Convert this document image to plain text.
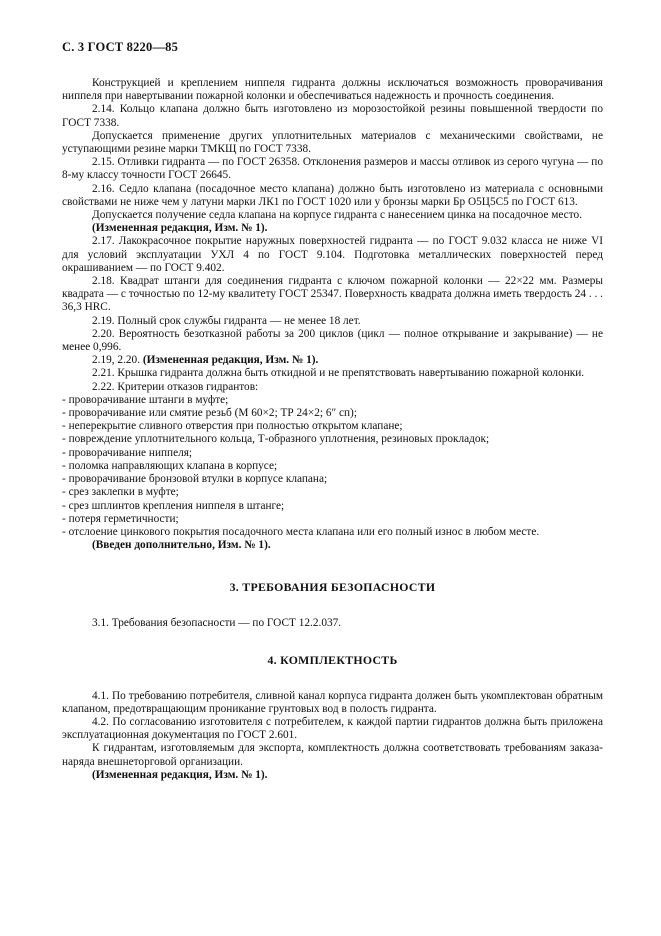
С. 3 ГОСТ 8220—85

Конструкцией и креплением ниппеля гидранта должны исключаться возможность проворачивания ниппеля при навертывании пожарной колонки и обеспечиваться надежность и прочность соединения.

2.14. Кольцо клапана должно быть изготовлено из морозостойкой резины повышенной твердости по ГОСТ 7338.

Допускается применение других уплотнительных материалов с механическими свойствами, не уступающими резине марки ТМКЩ по ГОСТ 7338.

2.15. Отливки гидранта — по ГОСТ 26358. Отклонения размеров и массы отливок из серого чугуна — по 8-му классу точности ГОСТ 26645.

2.16. Седло клапана (посадочное место клапана) должно быть изготовлено из материала с основными свойствами не ниже чем у латуни марки ЛК1 по ГОСТ 1020 или у бронзы марки Бр О5Ц5С5 по ГОСТ 613.

Допускается получение седла клапана на корпусе гидранта с нанесением цинка на посадочное место.

(Измененная редакция, Изм. № 1).

2.17. Лакокрасочное покрытие наружных поверхностей гидранта — по ГОСТ 9.032 класса не ниже VI для условий эксплуатации УХЛ 4 по ГОСТ 9.104. Подготовка металлических поверхностей перед окрашиванием — по ГОСТ 9.402.

2.18. Квадрат штанги для соединения гидранта с ключом пожарной колонки — 22×22 мм. Размеры квадрата — с точностью по 12-му квалитету ГОСТ 25347. Поверхность квадрата должна иметь твердость 24 . . . 36,3 HRC.

2.19. Полный срок службы гидранта — не менее 18 лет.

2.20. Вероятность безотказной работы за 200 циклов (цикл — полное открывание и закрывание) — не менее 0,996.

2.19, 2.20. (Измененная редакция, Изм. № 1).

2.21. Крышка гидранта должна быть откидной и не препятствовать навертыванию пожарной колонки.

2.22. Критерии отказов гидрантов:

- проворачивание штанги в муфте;

- проворачивание или смятие резьб (М 60×2; ТР 24×2; 6″ сп);

- неперекрытие сливного отверстия при полностью открытом клапане;

- повреждение уплотнительного кольца, Т-образного уплотнения, резиновых прокладок;

- проворачивание ниппеля;

- поломка направляющих клапана в корпусе;

- проворачивание бронзовой втулки в корпусе клапана;

- срез заклепки в муфте;

- срез шплинтов крепления ниппеля в штанге;

- потеря герметичности;

- отслоение цинкового покрытия посадочного места клапана или его полный износ в любом месте.

(Введен дополнительно, Изм. № 1).

3. ТРЕБОВАНИЯ БЕЗОПАСНОСТИ

3.1. Требования безопасности — по ГОСТ 12.2.037.

4. КОМПЛЕКТНОСТЬ

4.1. По требованию потребителя, сливной канал корпуса гидранта должен быть укомплектован обратным клапаном, предотвращающим проникание грунтовых вод в полость гидранта.

4.2. По согласованию изготовителя с потребителем, к каждой партии гидрантов должна быть приложена эксплуатационная документация по ГОСТ 2.601.

К гидрантам, изготовляемым для экспорта, комплектность должна соответствовать требованиям заказа-наряда внешнеторговой организации.

(Измененная редакция, Изм. № 1).
